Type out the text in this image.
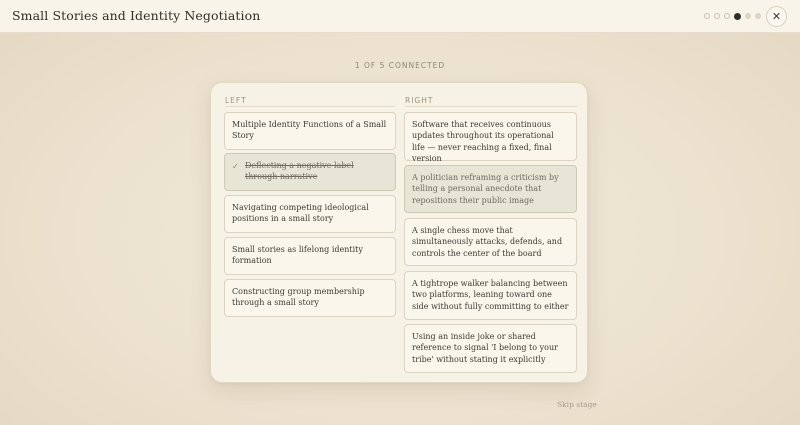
Small Stories and Identity Negotiation	✕
1 OF 5 CONNECTED
LEFT	RIGHT
Multiple Identity Functions of a Small Story
✓ Deflecting a negative label through narrative
Navigating competing ideological positions in a small story
Small stories as lifelong identity formation
Constructing group membership through a small story
Software that receives continuous updates throughout its operational life — never reaching a fixed, final version
A politician reframing a criticism by telling a personal anecdote that repositions their public image
A single chess move that simultaneously attacks, defends, and controls the center of the board
A tightrope walker balancing between two platforms, leaning toward one side without fully committing to either
Using an inside joke or shared reference to signal 'I belong to your tribe' without stating it explicitly
Skip stage
